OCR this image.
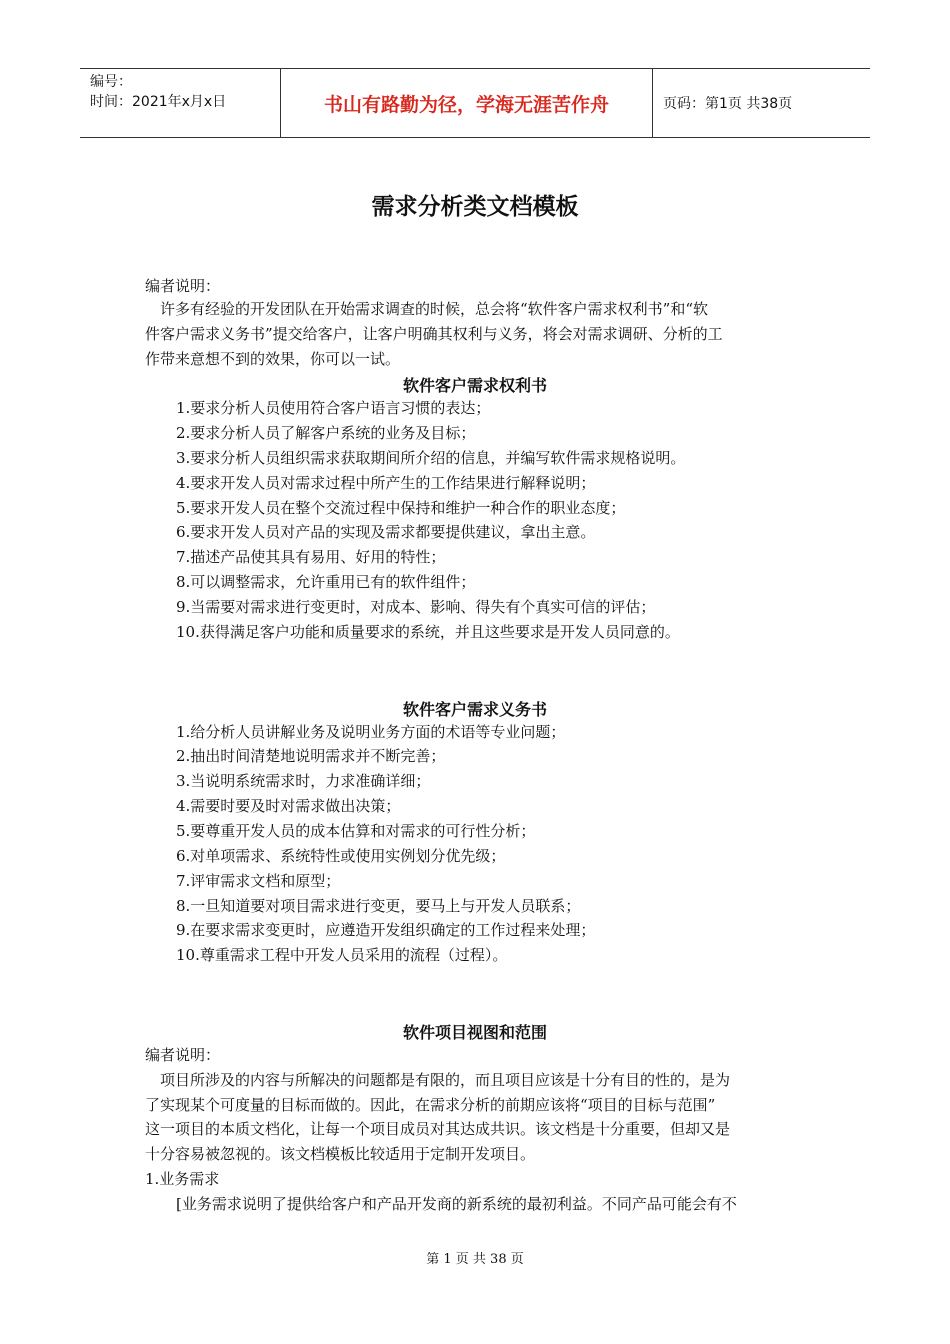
编号：
时间：2021年x月x日	书山有路勤为径，学海无涯苦作舟	页码：第1页 共38页
需求分析类文档模板
编者说明：
许多有经验的开发团队在开始需求调查的时候，总会将“软件客户需求权利书”和“软
件客户需求义务书”提交给客户，让客户明确其权利与义务，将会对需求调研、分析的工
作带来意想不到的效果，你可以一试。
软件客户需求权利书
1.要求分析人员使用符合客户语言习惯的表达；
2.要求分析人员了解客户系统的业务及目标；
3.要求分析人员组织需求获取期间所介绍的信息，并编写软件需求规格说明。
4.要求开发人员对需求过程中所产生的工作结果进行解释说明；
5.要求开发人员在整个交流过程中保持和维护一种合作的职业态度；
6.要求开发人员对产品的实现及需求都要提供建议，拿出主意。
7.描述产品使其具有易用、好用的特性；
8.可以调整需求，允许重用已有的软件组件；
9.当需要对需求进行变更时，对成本、影响、得失有个真实可信的评估；
10.获得满足客户功能和质量要求的系统，并且这些要求是开发人员同意的。
软件客户需求义务书
1.给分析人员讲解业务及说明业务方面的术语等专业问题；
2.抽出时间清楚地说明需求并不断完善；
3.当说明系统需求时，力求准确详细；
4.需要时要及时对需求做出决策；
5.要尊重开发人员的成本估算和对需求的可行性分析；
6.对单项需求、系统特性或使用实例划分优先级；
7.评审需求文档和原型；
8.一旦知道要对项目需求进行变更，要马上与开发人员联系；
9.在要求需求变更时，应遵造开发组织确定的工作过程来处理；
10.尊重需求工程中开发人员采用的流程（过程）。
软件项目视图和范围
编者说明：
项目所涉及的内容与所解决的问题都是有限的，而且项目应该是十分有目的性的，是为
了实现某个可度量的目标而做的。因此，在需求分析的前期应该将“项目的目标与范围”
这一项目的本质文档化，让每一个项目成员对其达成共识。该文档是十分重要，但却又是
十分容易被忽视的。该文档模板比较适用于定制开发项目。
1.业务需求
[业务需求说明了提供给客户和产品开发商的新系统的最初利益。不同产品可能会有不
第 1 页 共 38 页
